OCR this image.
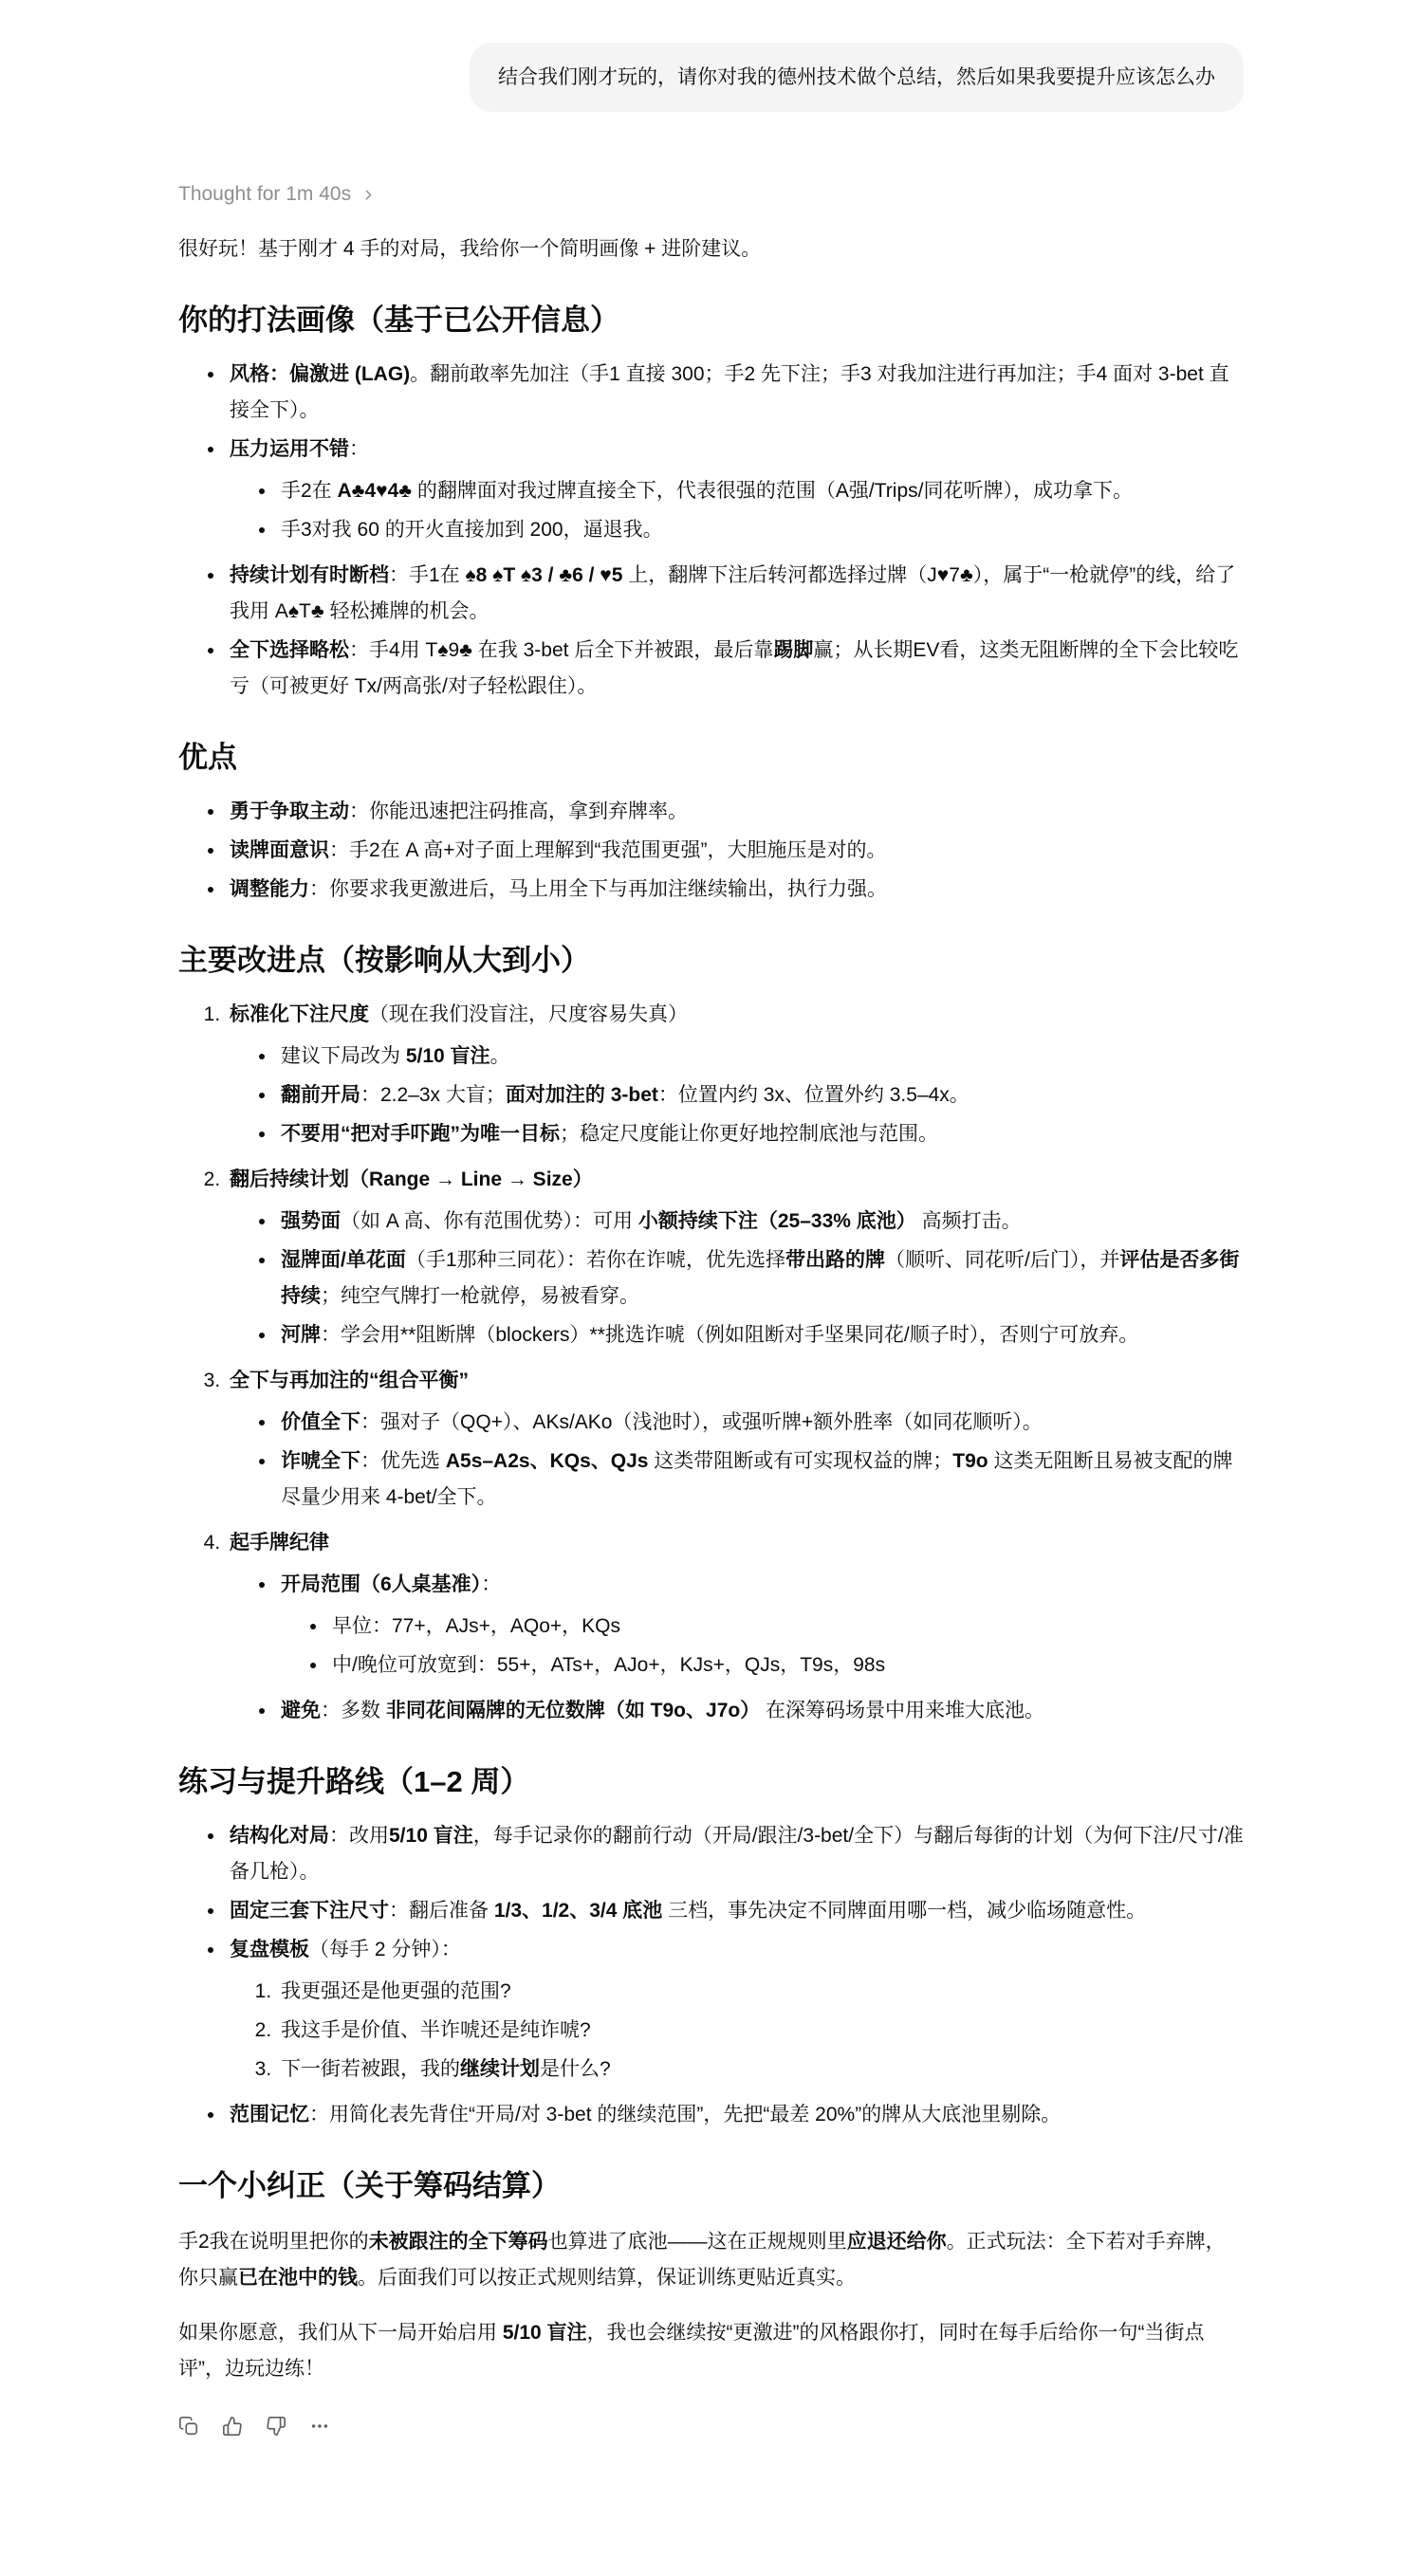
结合我们刚才玩的，请你对我的德州技术做个总结，然后如果我要提升应该怎么办
Thought for 1m 40s

很好玩！基于刚才 4 手的对局，我给你一个简明画像 + 进阶建议。

你的打法画像（基于已公开信息）
• 风格：偏激进 (LAG)。翻前敢率先加注（手1 直接 300；手2 先下注；手3 对我加注进行再加注；手4 面对 3-bet 直接全下）。
• 压力运用不错：
• 手2在 A♣4♥4♣ 的翻牌面对我过牌直接全下，代表很强的范围（A强/Trips/同花听牌），成功拿下。
• 手3对我 60 的开火直接加到 200，逼退我。
• 持续计划有时断档：手1在 ♠8 ♠T ♠3 / ♣6 / ♥5 上，翻牌下注后转河都选择过牌（J♥7♣），属于“一枪就停”的线，给了我用 A♠T♣ 轻松摊牌的机会。
• 全下选择略松：手4用 T♠9♣ 在我 3-bet 后全下并被跟，最后靠踢脚赢；从长期EV看，这类无阻断牌的全下会比较吃亏（可被更好 Tx/两高张/对子轻松跟住）。
优点
• 勇于争取主动：你能迅速把注码推高，拿到弃牌率。
• 读牌面意识：手2在 A 高+对子面上理解到“我范围更强”，大胆施压是对的。
• 调整能力：你要求我更激进后，马上用全下与再加注继续输出，执行力强。
主要改进点（按影响从大到小）
1. 标准化下注尺度（现在我们没盲注，尺度容易失真）
• 建议下局改为 5/10 盲注。
• 翻前开局：2.2–3x 大盲；面对加注的 3-bet：位置内约 3x、位置外约 3.5–4x。
• 不要用“把对手吓跑”为唯一目标；稳定尺度能让你更好地控制底池与范围。
2. 翻后持续计划（Range → Line → Size）
• 强势面（如 A 高、你有范围优势）：可用 小额持续下注（25–33% 底池） 高频打击。
• 湿牌面/单花面（手1那种三同花）：若你在诈唬，优先选择带出路的牌（顺听、同花听/后门），并评估是否多街持续；纯空气牌打一枪就停，易被看穿。
• 河牌：学会用**阻断牌（blockers）**挑选诈唬（例如阻断对手坚果同花/顺子时），否则宁可放弃。
3. 全下与再加注的“组合平衡”
• 价值全下：强对子（QQ+）、AKs/AKo（浅池时），或强听牌+额外胜率（如同花顺听）。
• 诈唬全下：优先选 A5s–A2s、KQs、QJs 这类带阻断或有可实现权益的牌；T9o 这类无阻断且易被支配的牌尽量少用来 4-bet/全下。
4. 起手牌纪律
• 开局范围（6人桌基准）：
• 早位：77+，AJs+，AQo+，KQs
• 中/晚位可放宽到：55+，ATs+，AJo+，KJs+，QJs，T9s，98s
• 避免：多数 非同花间隔牌的无位数牌（如 T9o、J7o） 在深筹码场景中用来堆大底池。
练习与提升路线（1–2 周）
• 结构化对局：改用5/10 盲注，每手记录你的翻前行动（开局/跟注/3-bet/全下）与翻后每街的计划（为何下注/尺寸/准备几枪）。
• 固定三套下注尺寸：翻后准备 1/3、1/2、3/4 底池 三档，事先决定不同牌面用哪一档，减少临场随意性。
• 复盘模板（每手 2 分钟）：
1. 我更强还是他更强的范围?
2. 我这手是价值、半诈唬还是纯诈唬?
3. 下一街若被跟，我的继续计划是什么?
• 范围记忆：用简化表先背住“开局/对 3-bet 的继续范围”，先把“最差 20%”的牌从大底池里剔除。
一个小纠正（关于筹码结算）

手2我在说明里把你的未被跟注的全下筹码也算进了底池——这在正规规则里应退还给你。正式玩法：全下若对手弃牌，你只赢已在池中的钱。后面我们可以按正式规则结算，保证训练更贴近真实。

如果你愿意，我们从下一局开始启用 5/10 盲注，我也会继续按“更激进”的风格跟你打，同时在每手后给你一句“当街点评”，边玩边练！
